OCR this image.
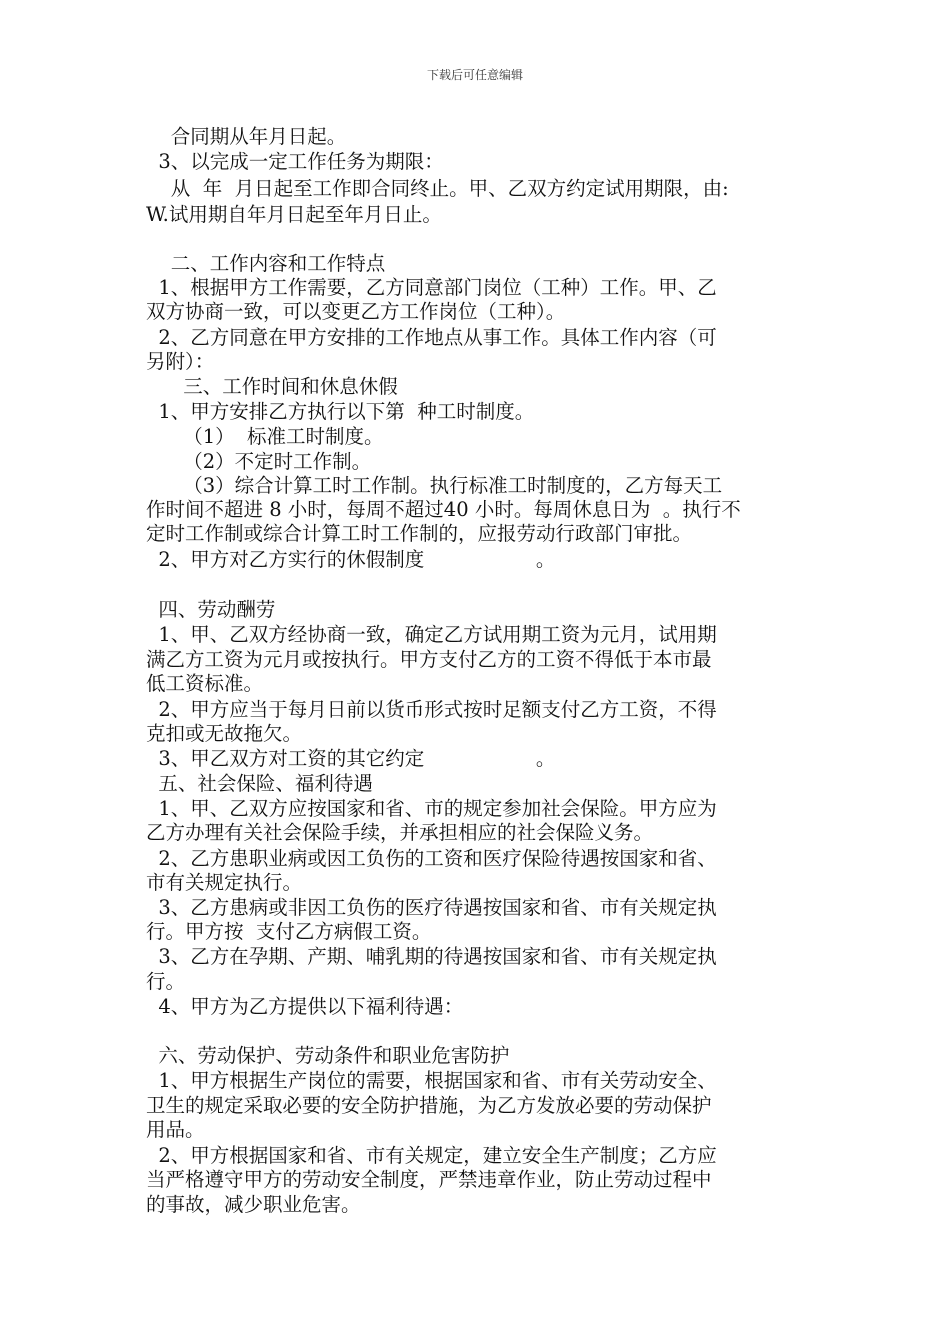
下载后可任意编辑
合同期从年月日起。
3、以完成一定工作任务为期限：
从  年  月日起至工作即合同终止。甲、乙双方约定试用期限，由:
W.试用期自年月日起至年月日止。
二、工作内容和工作特点
1、根据甲方工作需要，乙方同意部门岗位（工种）工作。甲、乙
双方协商一致，可以变更乙方工作岗位（工种）。
2、乙方同意在甲方安排的工作地点从事工作。具体工作内容（可
另附）：
三、工作时间和休息休假
1、甲方安排乙方执行以下第  种工时制度。
（1）  标准工时制度。
（2）不定时工作制。
（3）综合计算工时工作制。执行标准工时制度的，乙方每天工
作时间不超进 8 小时，每周不超过40 小时。每周休息日为  。执行不
定时工作制或综合计算工时工作制的，应报劳动行政部门审批。
2、甲方对乙方实行的休假制度                  。
四、劳动酬劳
1、甲、乙双方经协商一致，确定乙方试用期工资为元月，试用期
满乙方工资为元月或按执行。甲方支付乙方的工资不得低于本市最
低工资标准。
2、甲方应当于每月日前以货币形式按时足额支付乙方工资，不得
克扣或无故拖欠。
3、甲乙双方对工资的其它约定                  。
五、社会保险、福利待遇
1、甲、乙双方应按国家和省、市的规定参加社会保险。甲方应为
乙方办理有关社会保险手续，并承担相应的社会保险义务。
2、乙方患职业病或因工负伤的工资和医疗保险待遇按国家和省、
市有关规定执行。
3、乙方患病或非因工负伤的医疗待遇按国家和省、市有关规定执
行。甲方按  支付乙方病假工资。
3、乙方在孕期、产期、哺乳期的待遇按国家和省、市有关规定执
行。
4、甲方为乙方提供以下福利待遇：
六、劳动保护、劳动条件和职业危害防护
1、甲方根据生产岗位的需要，根据国家和省、市有关劳动安全、
卫生的规定采取必要的安全防护措施，为乙方发放必要的劳动保护
用品。
2、甲方根据国家和省、市有关规定，建立安全生产制度；乙方应
当严格遵守甲方的劳动安全制度，严禁违章作业，防止劳动过程中
的事故，减少职业危害。
